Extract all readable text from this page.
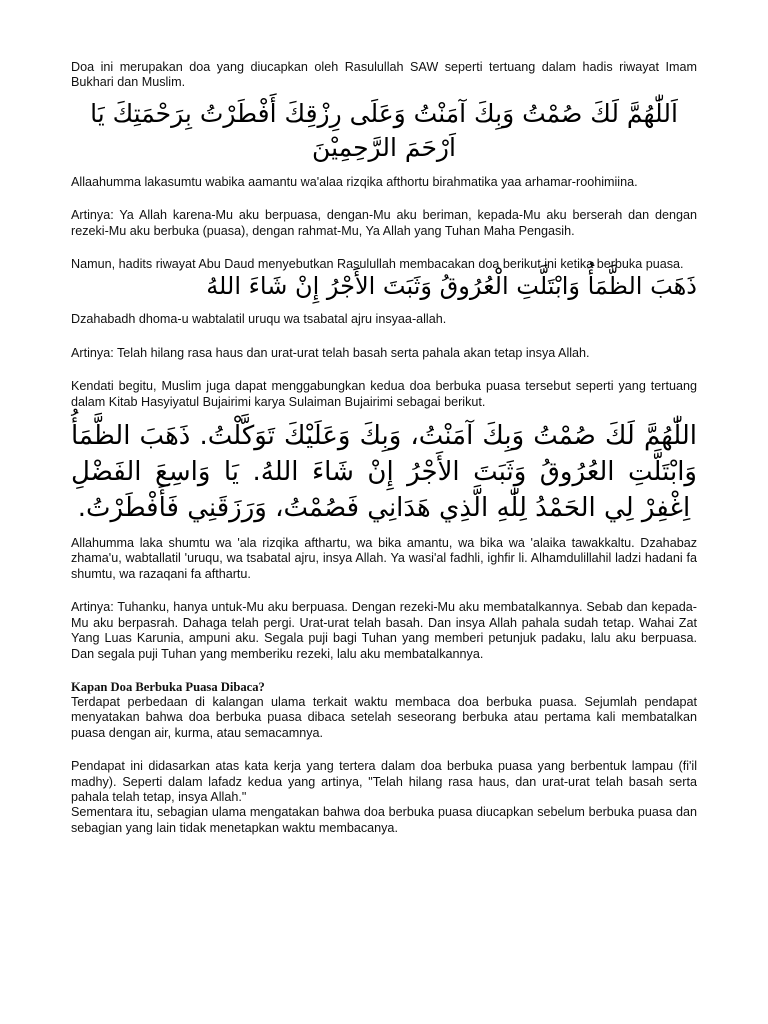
Doa ini merupakan doa yang diucapkan oleh Rasulullah SAW seperti tertuang dalam hadis riwayat Imam Bukhari dan Muslim.

اَللّٰهُمَّ لَكَ صُمْتُ وَبِكَ آمَنْتُ وَعَلَى رِزْقِكَ أَفْطَرْتُ بِرَحْمَتِكَ يَا اَرْحَمَ الرَّحِمِيْنَ

Allaahumma lakasumtu wabika aamantu wa'alaa rizqika afthortu birahmatika yaa arhamar-roohimiina.

Artinya: Ya Allah karena-Mu aku berpuasa, dengan-Mu aku beriman, kepada-Mu aku berserah dan dengan rezeki-Mu aku berbuka (puasa), dengan rahmat-Mu, Ya Allah yang Tuhan Maha Pengasih.

Namun, hadits riwayat Abu Daud menyebutkan Rasulullah membacakan doa berikut ini ketika berbuka puasa.

ذَهَبَ الظَّمَأُ وَابْتَلَّتِ الْعُرُوقُ وَثَبَتَ الأَجْرُ إِنْ شَاءَ اللهُ

Dzahabadh dhoma-u wabtalatil uruqu wa tsabatal ajru insyaa-allah.

Artinya: Telah hilang rasa haus dan urat-urat telah basah serta pahala akan tetap insya Allah.

Kendati begitu, Muslim juga dapat menggabungkan kedua doa berbuka puasa tersebut seperti yang tertuang dalam Kitab Hasyiyatul Bujairimi karya Sulaiman Bujairimi sebagai berikut.

اللّٰهُمَّ لَكَ صُمْتُ وَبِكَ آمَنْتُ، وَبِكَ وَعَلَيْكَ تَوَكَّلْتُ. ذَهَبَ الظَّمَأُ وَابْتَلَّتِ العُرُوقُ وَثَبَتَ الأَجْرُ إِنْ شَاءَ اللهُ. يَا وَاسِعَ الفَضْلِ اِغْفِرْ لِي الحَمْدُ لِلّٰهِ الَّذِي هَدَانِي فَصُمْتُ، وَرَزَقَنِي فَأَفْطَرْتُ.

Allahumma laka shumtu wa 'ala rizqika afthartu, wa bika amantu, wa bika wa 'alaika tawakkaltu. Dzahabaz zhama'u, wabtallatil 'uruqu, wa tsabatal ajru, insya Allah. Ya wasi'al fadhli, ighfir li. Alhamdulillahil ladzi hadani fa shumtu, wa razaqani fa afthartu.

Artinya: Tuhanku, hanya untuk-Mu aku berpuasa. Dengan rezeki-Mu aku membatalkannya. Sebab dan kepada-Mu aku berpasrah. Dahaga telah pergi. Urat-urat telah basah. Dan insya Allah pahala sudah tetap. Wahai Zat Yang Luas Karunia, ampuni aku. Segala puji bagi Tuhan yang memberi petunjuk padaku, lalu aku berpuasa. Dan segala puji Tuhan yang memberiku rezeki, lalu aku membatalkannya.

Kapan Doa Berbuka Puasa Dibaca?

Terdapat perbedaan di kalangan ulama terkait waktu membaca doa berbuka puasa. Sejumlah pendapat menyatakan bahwa doa berbuka puasa dibaca setelah seseorang berbuka atau pertama kali membatalkan puasa dengan air, kurma, atau semacamnya.

Pendapat ini didasarkan atas kata kerja yang tertera dalam doa berbuka puasa yang berbentuk lampau (fi'il madhy). Seperti dalam lafadz kedua yang artinya, "Telah hilang rasa haus, dan urat-urat telah basah serta pahala telah tetap, insya Allah."

Sementara itu, sebagian ulama mengatakan bahwa doa berbuka puasa diucapkan sebelum berbuka puasa dan sebagian yang lain tidak menetapkan waktu membacanya.
